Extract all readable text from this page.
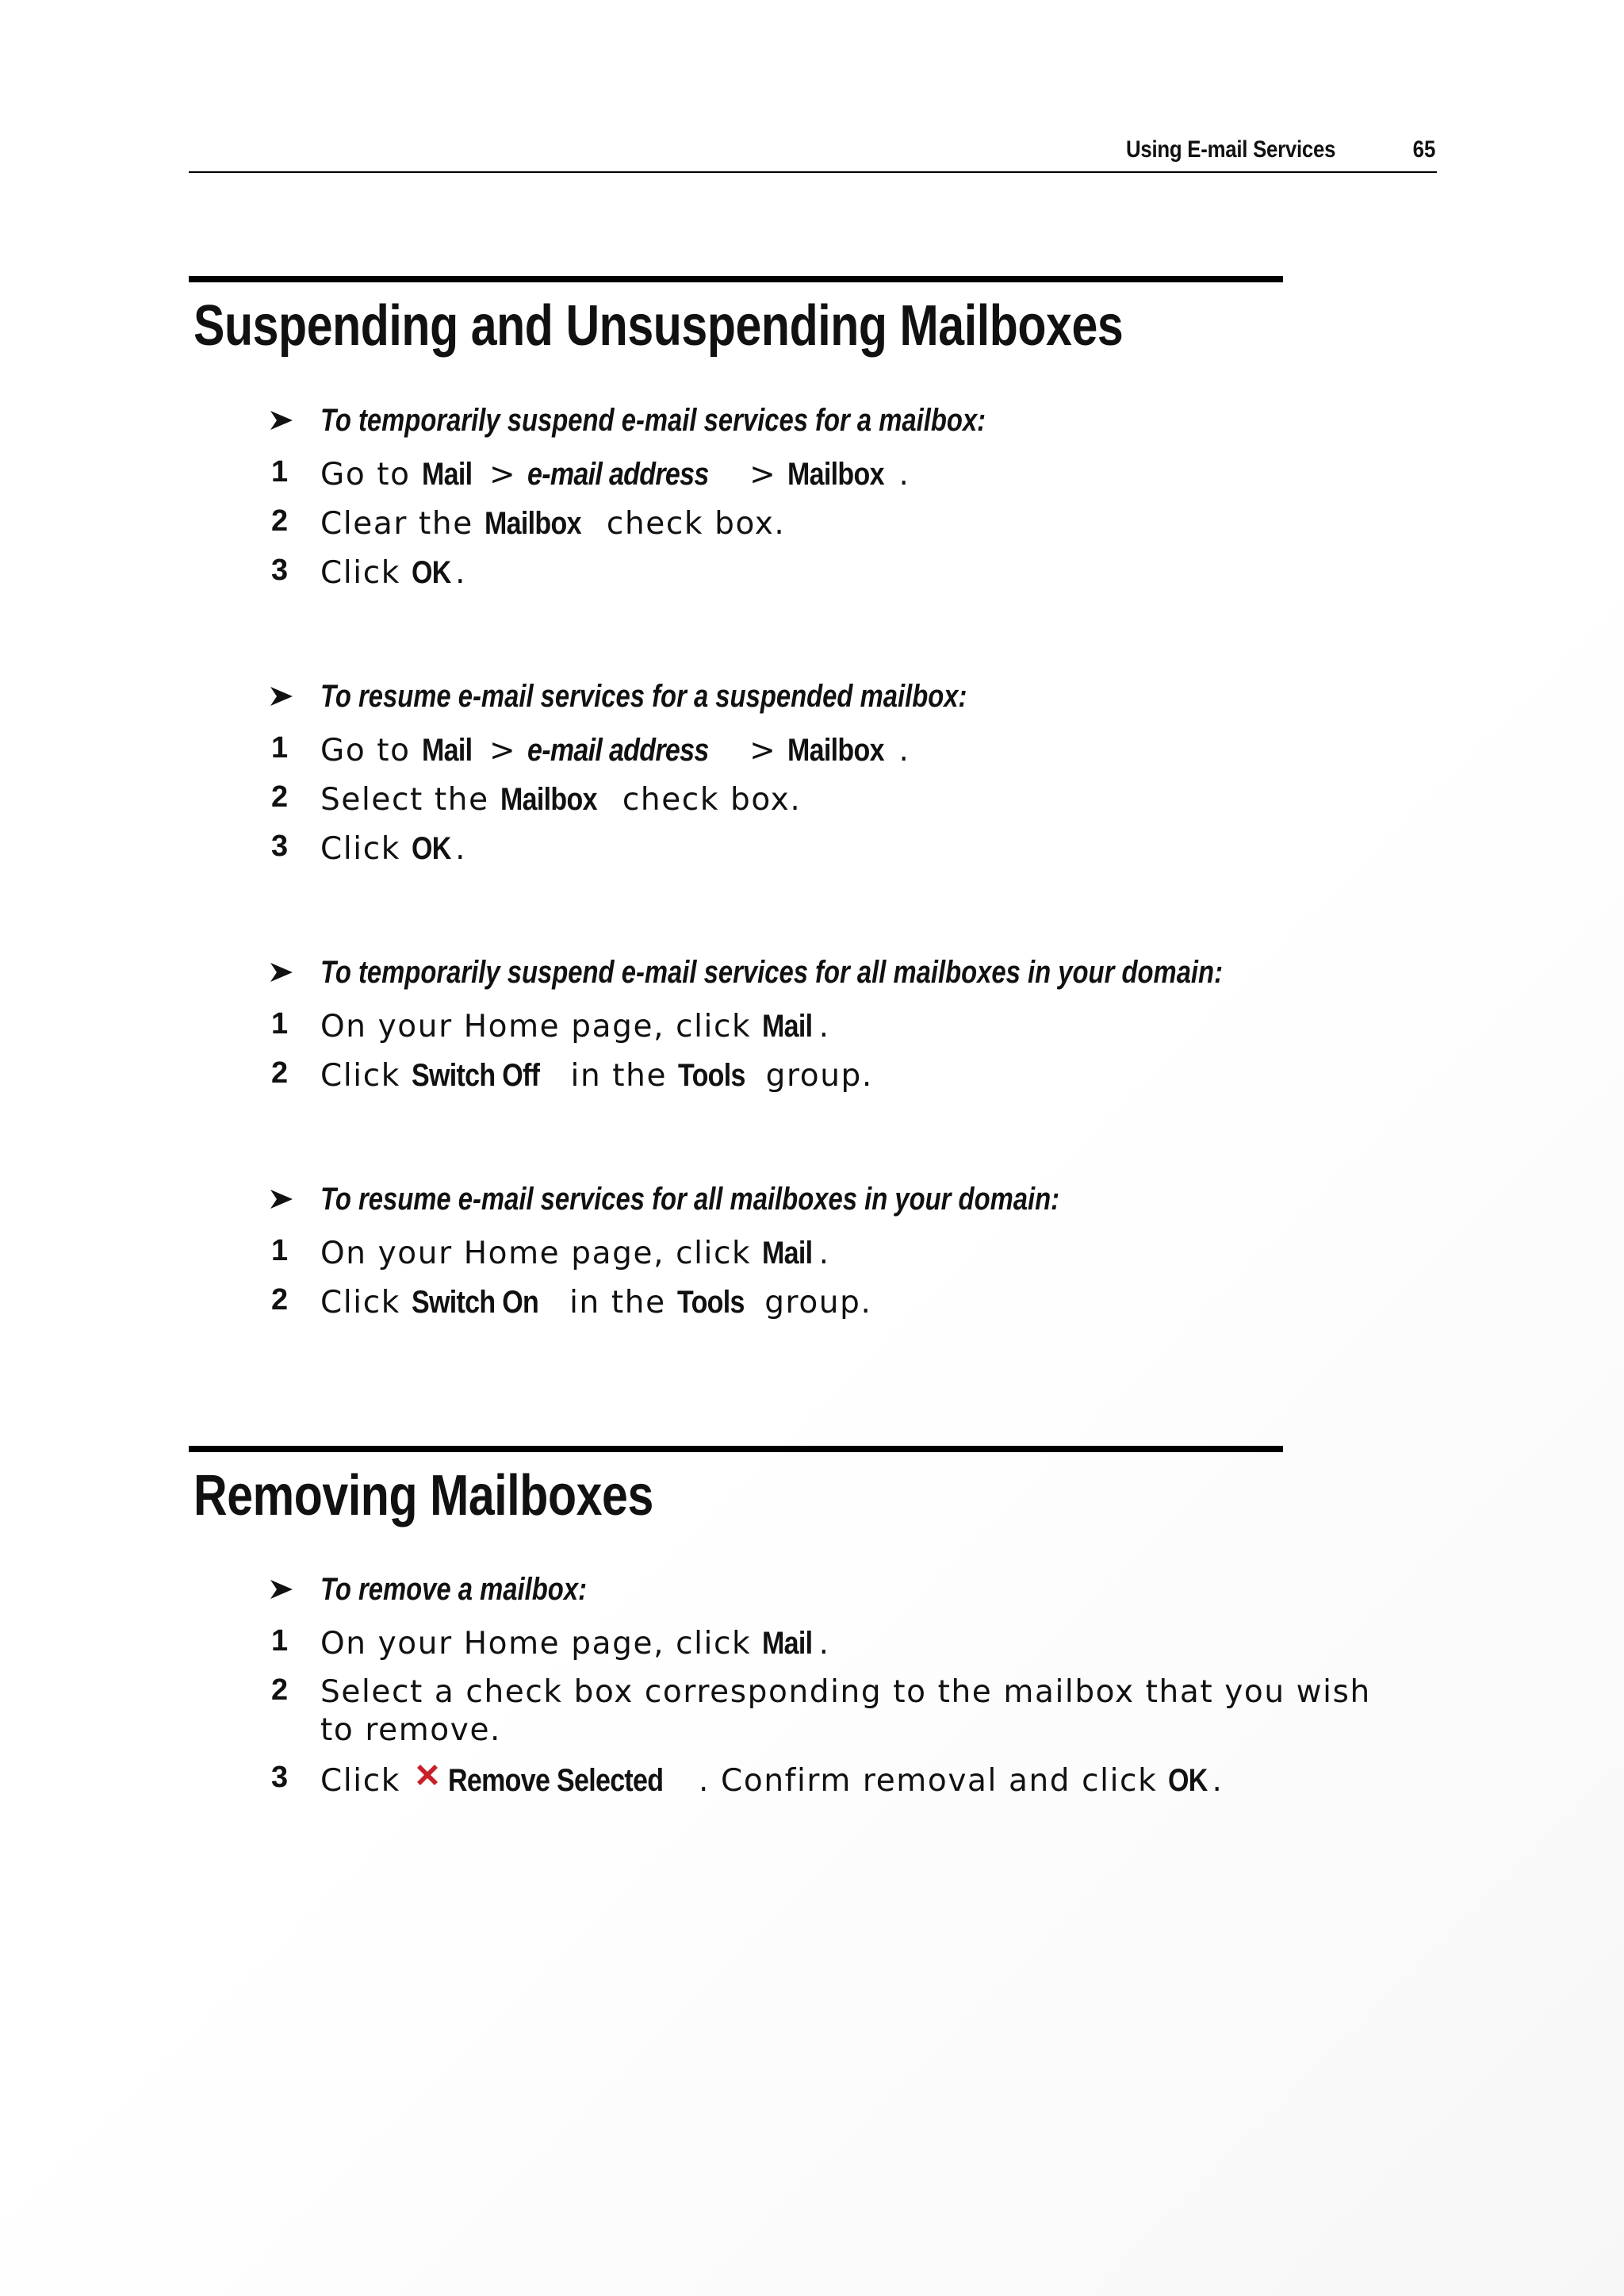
Using E-mail Services	65
Suspending and Unsuspending Mailboxes
To temporarily suspend e-mail services for a mailbox:
1 Go to Mail > e-mail address > Mailbox .
2 Clear the Mailbox check box.
3 Click OK .
To resume e-mail services for a suspended mailbox:
1 Go to Mail > e-mail address > Mailbox .
2 Select the Mailbox check box.
3 Click OK .
To temporarily suspend e-mail services for all mailboxes in your domain:
1 On your Home page, click Mail .
2 Click Switch Off in the Tools group.
To resume e-mail services for all mailboxes in your domain:
1 On your Home page, click Mail .
2 Click Switch On in the Tools group.
Removing Mailboxes
To remove a mailbox:
1 On your Home page, click Mail .
2 Select a check box corresponding to the mailbox that you wish to remove.
3 Click Remove Selected . Confirm removal and click OK .
